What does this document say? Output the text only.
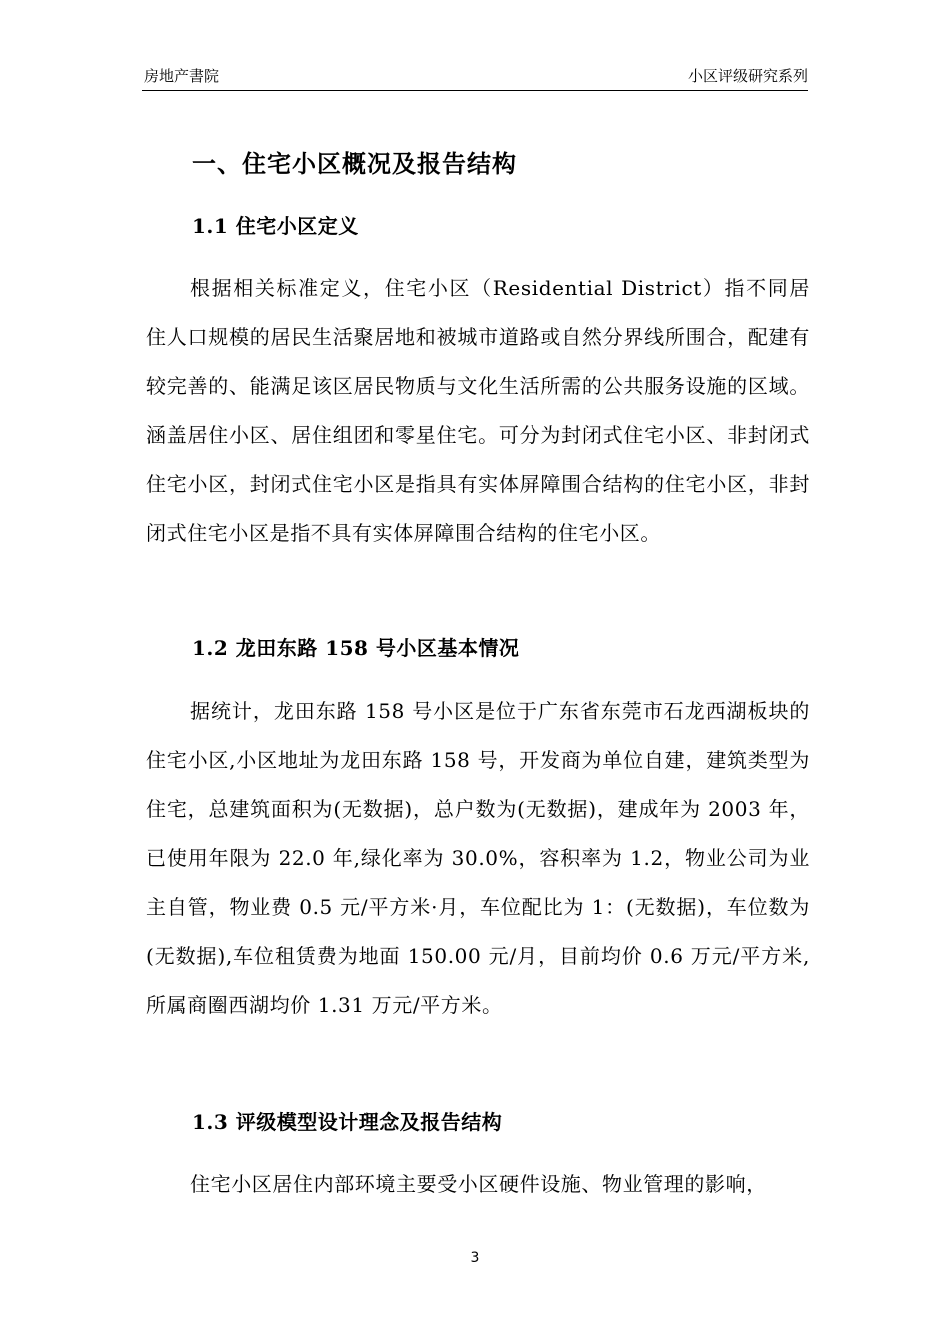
房地产書院	小区评级研究系列
一、住宅小区概况及报告结构
1.1 住宅小区定义

根据相关标准定义，住宅小区（Residential District）指不同居住人口规模的居民生活聚居地和被城市道路或自然分界线所围合，配建有较完善的、能满足该区居民物质与文化生活所需的公共服务设施的区域。涵盖居住小区、居住组团和零星住宅。可分为封闭式住宅小区、非封闭式住宅小区，封闭式住宅小区是指具有实体屏障围合结构的住宅小区，非封闭式住宅小区是指不具有实体屏障围合结构的住宅小区。

1.2 龙田东路 158 号小区基本情况

据统计，龙田东路 158 号小区是位于广东省东莞市石龙西湖板块的住宅小区,小区地址为龙田东路 158 号，开发商为单位自建，建筑类型为住宅，总建筑面积为(无数据)，总户数为(无数据)，建成年为 2003 年，已使用年限为 22.0 年,绿化率为 30.0%，容积率为 1.2，物业公司为业主自管，物业费 0.5 元/平方米·月，车位配比为 1：(无数据)，车位数为(无数据),车位租赁费为地面 150.00 元/月，目前均价 0.6 万元/平方米,所属商圈西湖均价 1.31 万元/平方米。

1.3 评级模型设计理念及报告结构

住宅小区居住内部环境主要受小区硬件设施、物业管理的影响，

3
